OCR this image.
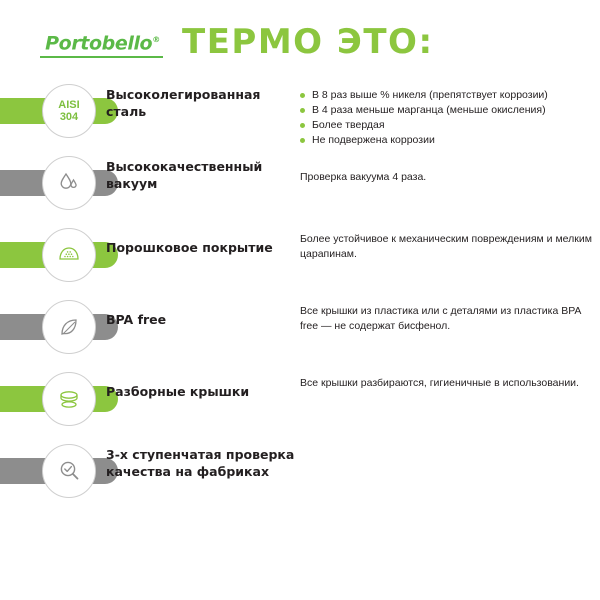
Portobello® ТЕРМО ЭТО:
AISI
304
Высоколегированная сталь
В 8 раз выше % никеля (препятствует коррозии)
В 4 раза меньше марганца (меньше окисления)
Более твердая
Не подвержена коррозии
Высококачественный вакуум	Проверка вакуума 4 раза.

Порошковое покрытие

Более устойчивое к механическим повреждениям и мелким царапинам.

BPA free

Все крышки из пластика или с деталями из пластика BPA free — не содержат бисфенол.

Разборные крышки

Все крышки разбираются, гигиеничные в использовании.

3-х ступенчатая проверка качества на фабриках
